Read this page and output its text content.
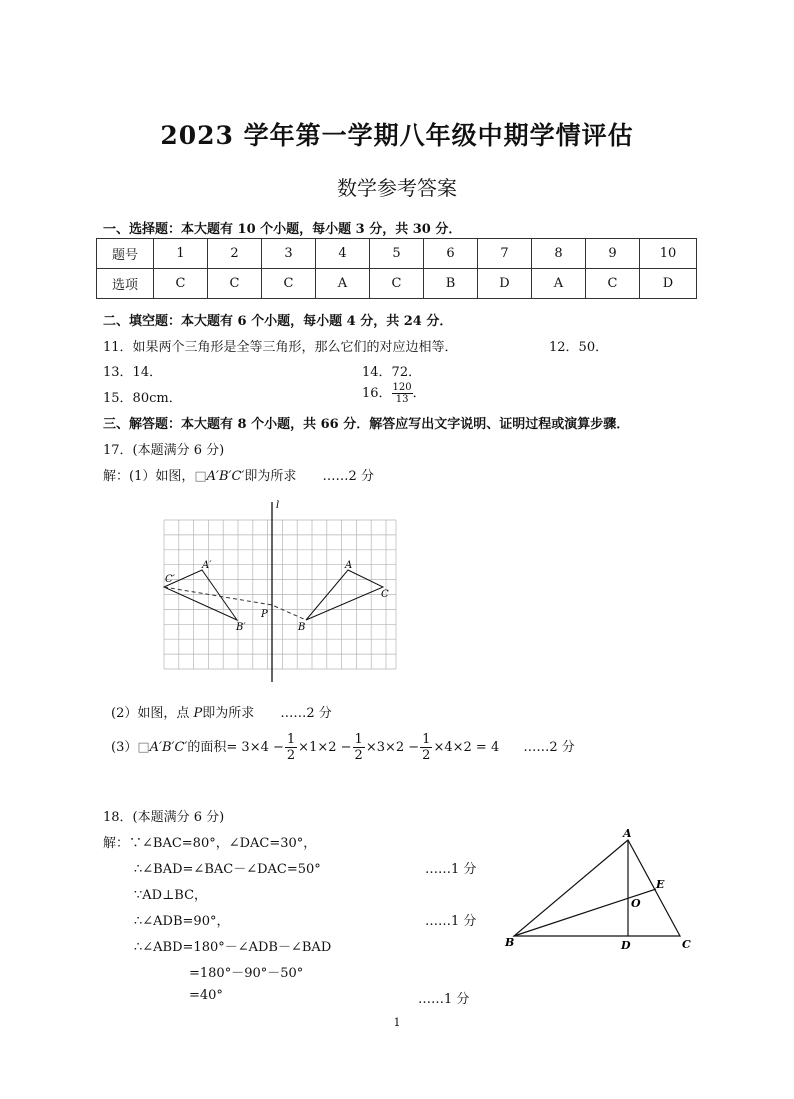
2023 学年第一学期八年级中期学情评估
数学参考答案
一、选择题：本大题有 10 个小题，每小题 3 分，共 30 分．
题号	1	2	3	4	5	6	7	8	9	10
选项	C	C	C	A	C	B	D	A	C	D
二、填空题：本大题有 6 个小题，每小题 4 分，共 24 分．
11．如果两个三角形是全等三角形，那么它们的对应边相等．	12．50．
13．14．	14．72．
15．80cm．	16． $\frac{120}{13}$ ．
三、解答题：本大题有 8 个小题，共 66 分．解答应写出文字说明、证明过程或演算步骤．
17．(本题满分 6 分)
解：(1）如图，□A′B′C′即为所求 ……2 分
l
C′
A′
B′
P
B
A
C
(2）如图，点 P即为所求 ……2 分
(3）□A′B′C′的面积= $3\times 4 - \frac{1}{2} \times 1\times 2 - \frac{1}{2} \times 3\times 2 - \frac{1}{2} \times 4\times 2 = 4$ ……2 分
18．(本题满分 6 分)
解：∵∠BAC=80°，∠DAC=30°，
∴∠BAD=∠BAC－∠DAC=50°	……1 分
∵AD⊥BC，
∴∠ADB=90°，	……1 分
∴∠ABD=180°－∠ADB－∠BAD
=180°－90°－50°
=40°	……1 分
A
B	C
D
E
O
1
